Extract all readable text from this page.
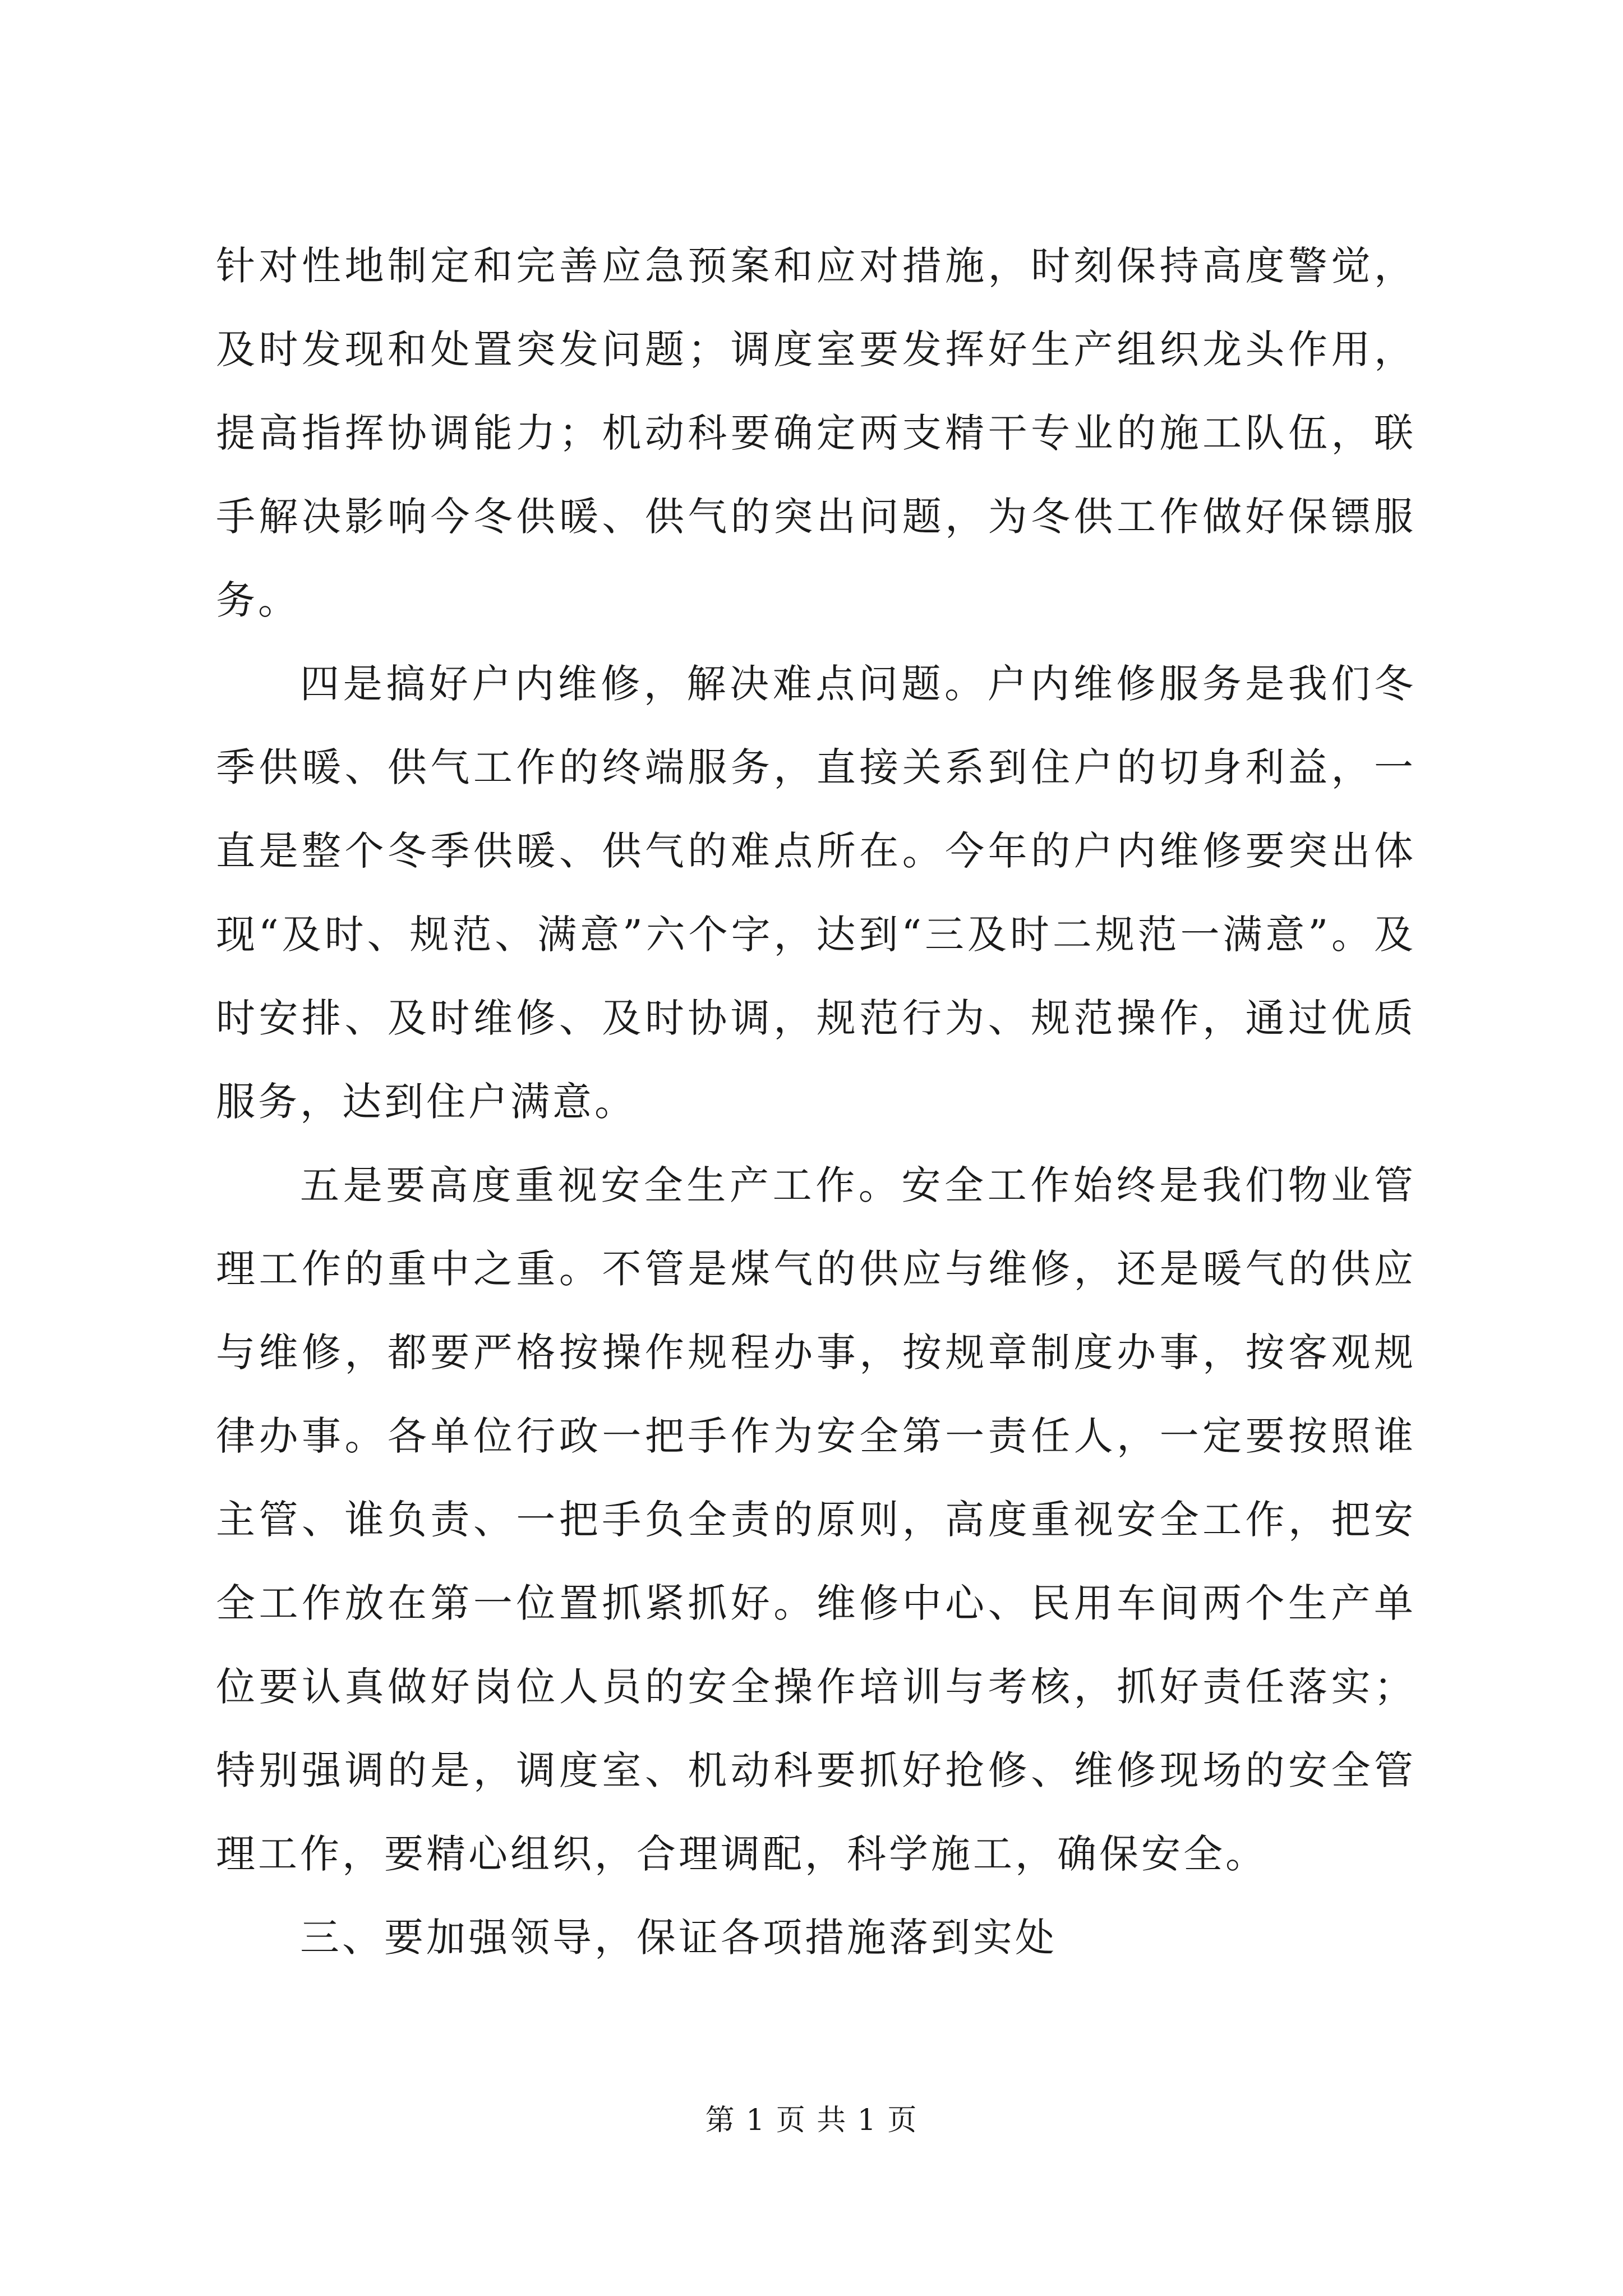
针对性地制定和完善应急预案和应对措施，时刻保持高度警觉，及时发现和处置突发问题；调度室要发挥好生产组织龙头作用，提高指挥协调能力；机动科要确定两支精干专业的施工队伍，联手解决影响今冬供暖、供气的突出问题，为冬供工作做好保镖服务。

四是搞好户内维修，解决难点问题。户内维修服务是我们冬季供暖、供气工作的终端服务，直接关系到住户的切身利益，一直是整个冬季供暖、供气的难点所在。今年的户内维修要突出体现“及时、规范、满意”六个字，达到“三及时二规范一满意”。及时安排、及时维修、及时协调，规范行为、规范操作，通过优质服务，达到住户满意。

五是要高度重视安全生产工作。安全工作始终是我们物业管理工作的重中之重。不管是煤气的供应与维修，还是暖气的供应与维修，都要严格按操作规程办事，按规章制度办事，按客观规律办事。各单位行政一把手作为安全第一责任人，一定要按照谁主管、谁负责、一把手负全责的原则，高度重视安全工作，把安全工作放在第一位置抓紧抓好。维修中心、民用车间两个生产单位要认真做好岗位人员的安全操作培训与考核，抓好责任落实；特别强调的是，调度室、机动科要抓好抢修、维修现场的安全管理工作，要精心组织，合理调配，科学施工，确保安全。

三、要加强领导，保证各项措施落到实处

第 1 页 共 1 页
